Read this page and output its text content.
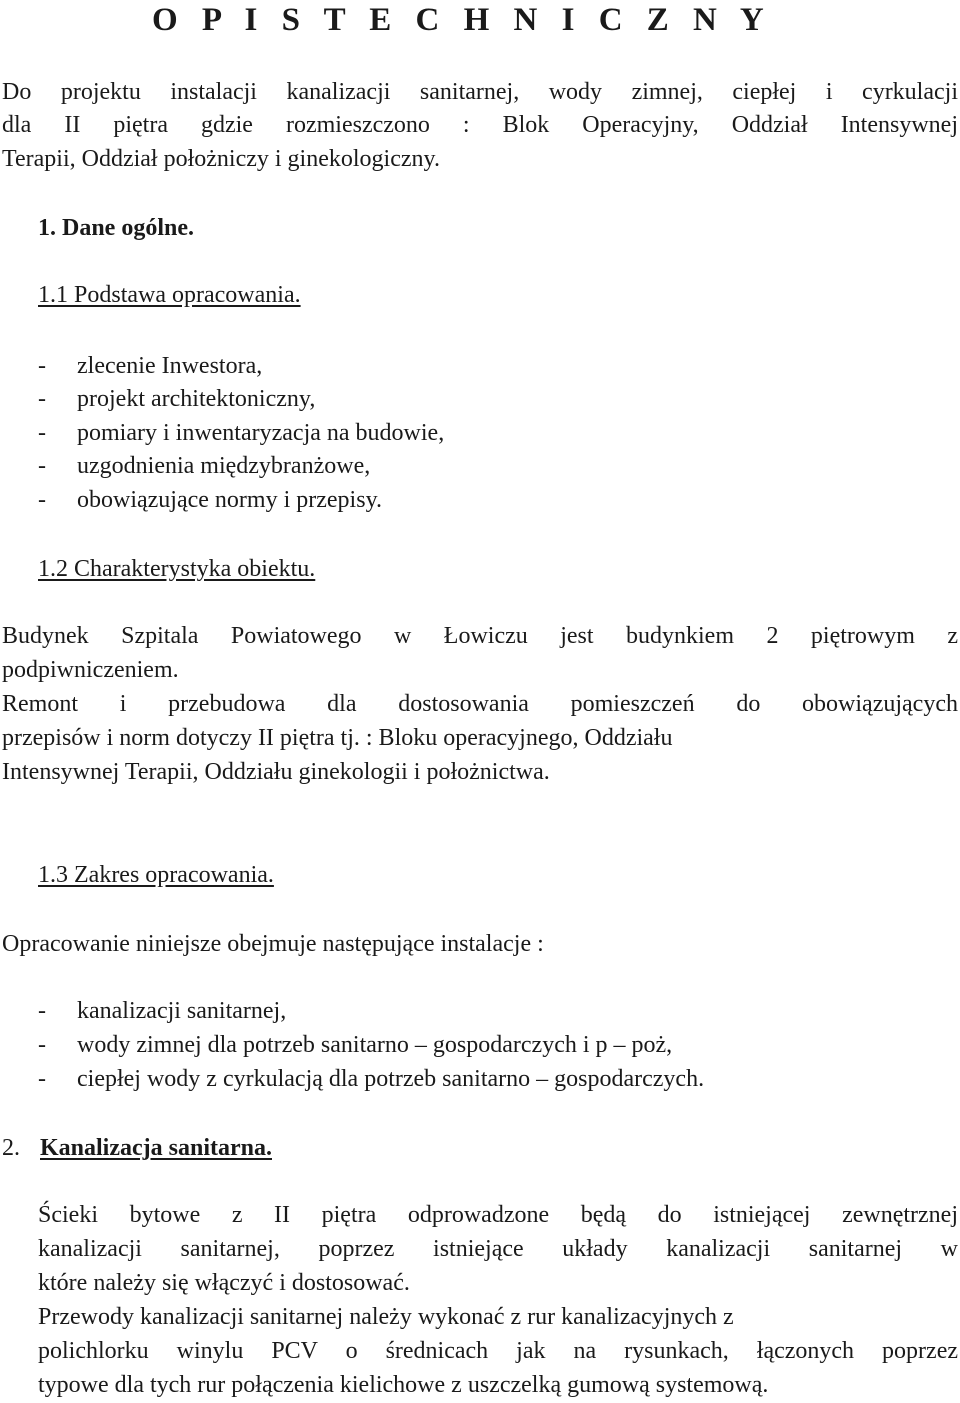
O P I S T E C H N I C Z N Y
Do projektu instalacji kanalizacji sanitarnej, wody zimnej, ciepłej i cyrkulacji
dla II piętra gdzie rozmieszczono : Blok Operacyjny, Oddział Intensywnej
Terapii, Oddział położniczy i ginekologiczny.
1. Dane ogólne.
1.1 Podstawa opracowania.
- zlecenie Inwestora,
- projekt architektoniczny,
- pomiary i inwentaryzacja na budowie,
- uzgodnienia międzybranżowe,
- obowiązujące normy i przepisy.
1.2 Charakterystyka obiektu.
Budynek Szpitala Powiatowego w Łowiczu jest budynkiem 2 piętrowym z
podpiwniczeniem.
Remont i przebudowa dla dostosowania pomieszczeń do obowiązujących
przepisów i norm dotyczy II piętra tj. : Bloku operacyjnego, Oddziału
Intensywnej Terapii, Oddziału ginekologii i położnictwa.
1.3 Zakres opracowania.
Opracowanie niniejsze obejmuje następujące instalacje :
- kanalizacji sanitarnej,
- wody zimnej dla potrzeb sanitarno – gospodarczych i p – poż,
- ciepłej wody z cyrkulacją dla potrzeb sanitarno – gospodarczych.
2. Kanalizacja sanitarna.
Ścieki bytowe z II piętra odprowadzone będą do istniejącej zewnętrznej
kanalizacji sanitarnej, poprzez istniejące układy kanalizacji sanitarnej w
które należy się włączyć i dostosować.
Przewody kanalizacji sanitarnej należy wykonać z rur kanalizacyjnych z
polichlorku winylu PCV o średnicach jak na rysunkach, łączonych poprzez
typowe dla tych rur połączenia kielichowe z uszczelką gumową systemową.
